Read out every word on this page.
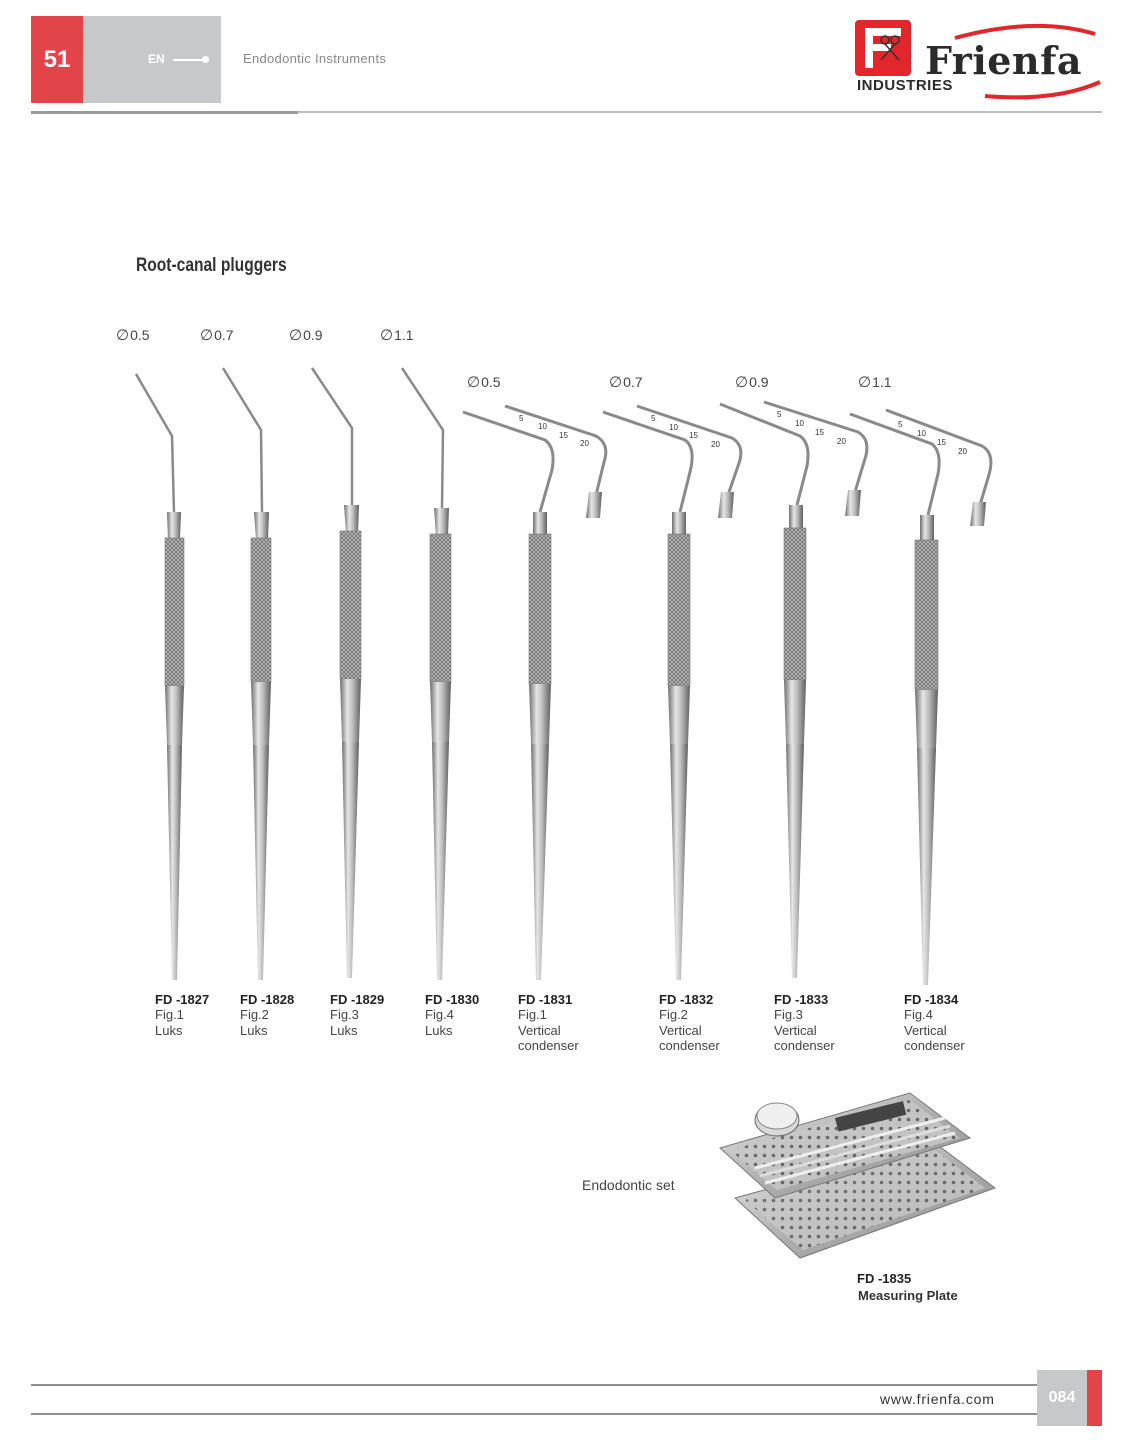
51	EN	Endodontic Instruments	Frienfa
INDUSTRIES
Root-canal pluggers
∅0.5	∅0.7	∅0.9	∅1.1
∅0.5	∅0.7	∅0.9	∅1.1
5
10
15
20
5
10
15
20
5
10
15
20
5
10
15
20
FD -1827
Fig.1
Luks
FD -1828
Fig.2
Luks
FD -1829
Fig.3
Luks
FD -1830
Fig.4
Luks
FD -1831
Fig.1
Vertical
condenser
FD -1832
Fig.2
Vertical
condenser
FD -1833
Fig.3
Vertical
condenser
FD -1834
Fig.4
Vertical
condenser
Endodontic set
FD -1835
Measuring Plate
www.frienfa.com	084
